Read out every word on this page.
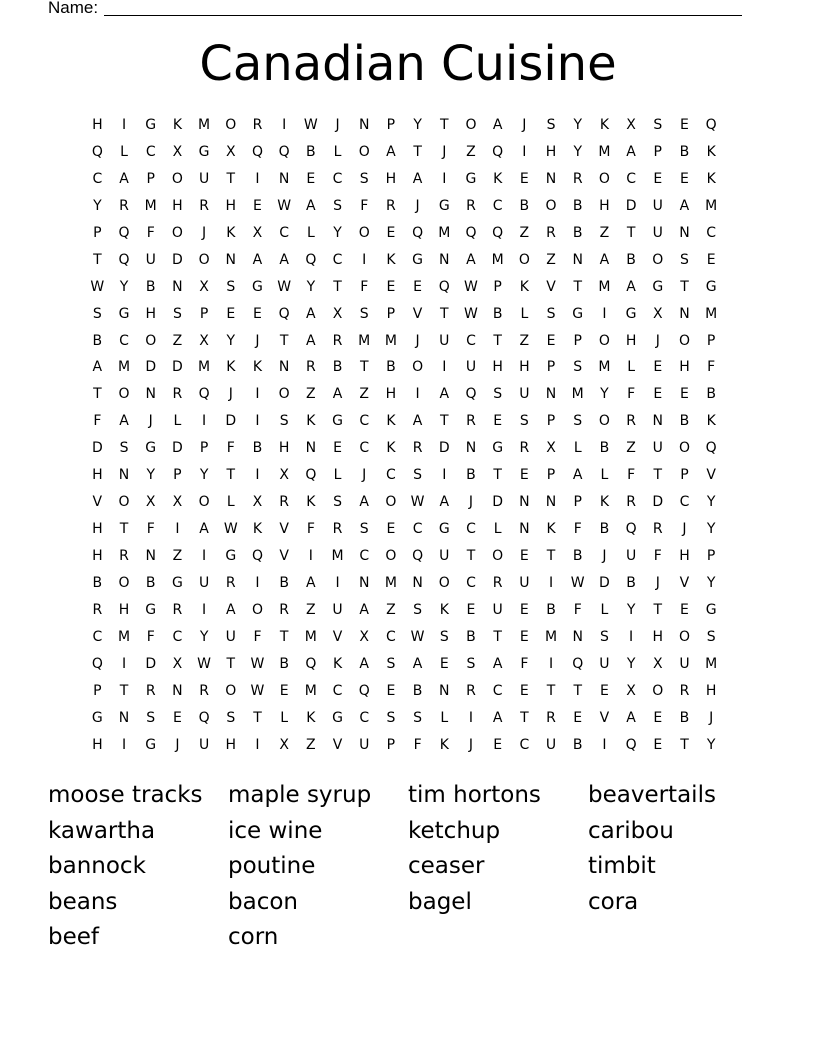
Name:
Canadian Cuisine
H	I	G	K	M	O	R	I	W	J	N	P	Y	T	O	A	J	S	Y	K	X	S	E	Q
Q	L	C	X	G	X	Q	Q	B	L	O	A	T	J	Z	Q	I	H	Y	M	A	P	B	K
C	A	P	O	U	T	I	N	E	C	S	H	A	I	G	K	E	N	R	O	C	E	E	K
Y	R	M	H	R	H	E	W	A	S	F	R	J	G	R	C	B	O	B	H	D	U	A	M
P	Q	F	O	J	K	X	C	L	Y	O	E	Q	M	Q	Q	Z	R	B	Z	T	U	N	C
T	Q	U	D	O	N	A	A	Q	C	I	K	G	N	A	M	O	Z	N	A	B	O	S	E
W	Y	B	N	X	S	G	W	Y	T	F	E	E	Q	W	P	K	V	T	M	A	G	T	G
S	G	H	S	P	E	E	Q	A	X	S	P	V	T	W	B	L	S	G	I	G	X	N	M
B	C	O	Z	X	Y	J	T	A	R	M	M	J	U	C	T	Z	E	P	O	H	J	O	P
A	M	D	D	M	K	K	N	R	B	T	B	O	I	U	H	H	P	S	M	L	E	H	F
T	O	N	R	Q	J	I	O	Z	A	Z	H	I	A	Q	S	U	N	M	Y	F	E	E	B
F	A	J	L	I	D	I	S	K	G	C	K	A	T	R	E	S	P	S	O	R	N	B	K
D	S	G	D	P	F	B	H	N	E	C	K	R	D	N	G	R	X	L	B	Z	U	O	Q
H	N	Y	P	Y	T	I	X	Q	L	J	C	S	I	B	T	E	P	A	L	F	T	P	V
V	O	X	X	O	L	X	R	K	S	A	O	W	A	J	D	N	N	P	K	R	D	C	Y
H	T	F	I	A	W	K	V	F	R	S	E	C	G	C	L	N	K	F	B	Q	R	J	Y
H	R	N	Z	I	G	Q	V	I	M	C	O	Q	U	T	O	E	T	B	J	U	F	H	P
B	O	B	G	U	R	I	B	A	I	N	M	N	O	C	R	U	I	W	D	B	J	V	Y
R	H	G	R	I	A	O	R	Z	U	A	Z	S	K	E	U	E	B	F	L	Y	T	E	G
C	M	F	C	Y	U	F	T	M	V	X	C	W	S	B	T	E	M	N	S	I	H	O	S
Q	I	D	X	W	T	W	B	Q	K	A	S	A	E	S	A	F	I	Q	U	Y	X	U	M
P	T	R	N	R	O	W	E	M	C	Q	E	B	N	R	C	E	T	T	E	X	O	R	H
G	N	S	E	Q	S	T	L	K	G	C	S	S	L	I	A	T	R	E	V	A	E	B	J
H	I	G	J	U	H	I	X	Z	V	U	P	F	K	J	E	C	U	B	I	Q	E	T	Y
moose tracks	maple syrup	tim hortons	beavertails
kawartha	ice wine	ketchup	caribou
bannock	poutine	ceaser	timbit
beans	bacon	bagel	cora
beef	corn
